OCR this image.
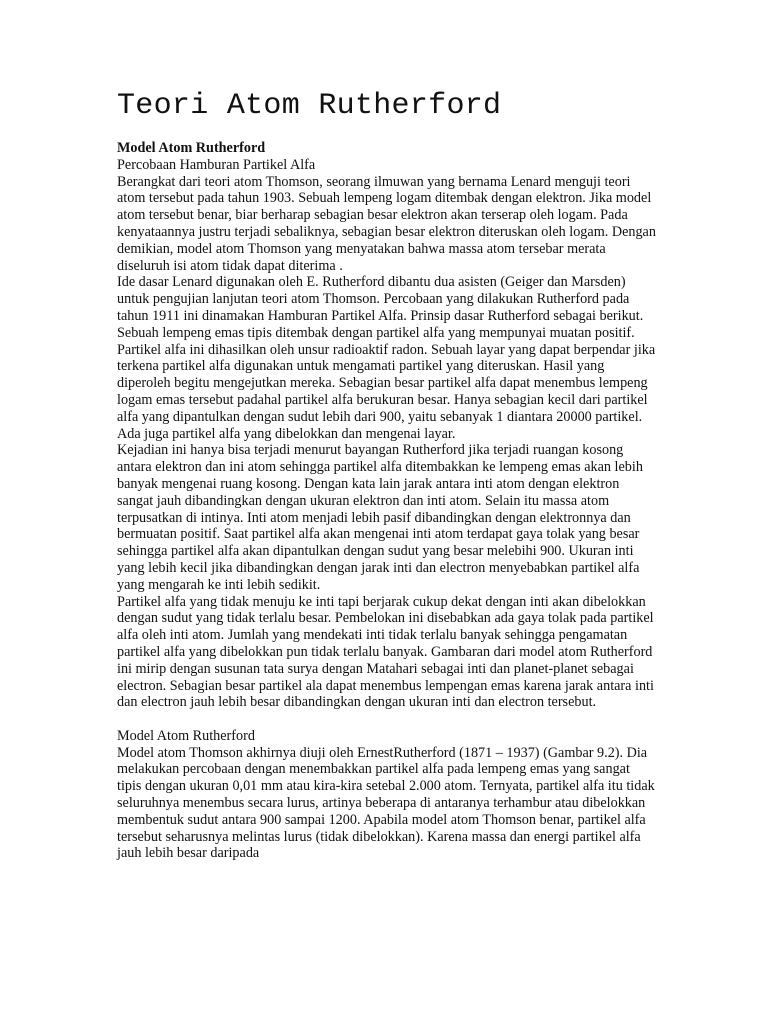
Teori Atom Rutherford

Model Atom Rutherford

Percobaan Hamburan Partikel Alfa

Berangkat dari teori atom Thomson, seorang ilmuwan yang bernama Lenard menguji teori atom tersebut pada tahun 1903. Sebuah lempeng logam ditembak dengan elektron. Jika model atom tersebut benar, biar berharap sebagian besar elektron akan terserap oleh logam. Pada kenyataannya justru terjadi sebaliknya, sebagian besar elektron diteruskan oleh logam. Dengan demikian, model atom Thomson yang menyatakan bahwa massa atom tersebar merata diseluruh isi atom tidak dapat diterima .

Ide dasar Lenard digunakan oleh E. Rutherford dibantu dua asisten (Geiger dan Marsden) untuk pengujian lanjutan teori atom Thomson. Percobaan yang dilakukan Rutherford pada tahun 1911 ini dinamakan Hamburan Partikel Alfa. Prinsip dasar Rutherford sebagai berikut. Sebuah lempeng emas tipis ditembak dengan partikel alfa yang mempunyai muatan positif. Partikel alfa ini dihasilkan oleh unsur radioaktif radon. Sebuah layar yang dapat berpendar jika terkena partikel alfa digunakan untuk mengamati partikel yang diteruskan. Hasil yang diperoleh begitu mengejutkan mereka. Sebagian besar partikel alfa dapat menembus lempeng logam emas tersebut padahal partikel alfa berukuran besar. Hanya sebagian kecil dari partikel alfa yang dipantulkan dengan sudut lebih dari 900, yaitu sebanyak 1 diantara 20000 partikel. Ada juga partikel alfa yang dibelokkan dan mengenai layar.

Kejadian ini hanya bisa terjadi menurut bayangan Rutherford jika terjadi ruangan kosong antara elektron dan ini atom sehingga partikel alfa ditembakkan ke lempeng emas akan lebih banyak mengenai ruang kosong. Dengan kata lain jarak antara inti atom dengan elektron sangat jauh dibandingkan dengan ukuran elektron dan inti atom. Selain itu massa atom terpusatkan di intinya. Inti atom menjadi lebih pasif dibandingkan dengan elektronnya dan bermuatan positif. Saat partikel alfa akan mengenai inti atom terdapat gaya tolak yang besar sehingga partikel alfa akan dipantulkan dengan sudut yang besar melebihi 900. Ukuran inti yang lebih kecil jika dibandingkan dengan jarak inti dan electron menyebabkan partikel alfa yang mengarah ke inti lebih sedikit.

Partikel alfa yang tidak menuju ke inti tapi berjarak cukup dekat dengan inti akan dibelokkan dengan sudut yang tidak terlalu besar. Pembelokan ini disebabkan ada gaya tolak pada partikel alfa oleh inti atom. Jumlah yang mendekati inti tidak terlalu banyak sehingga pengamatan partikel alfa yang dibelokkan pun tidak terlalu banyak. Gambaran dari model atom Rutherford ini mirip dengan susunan tata surya dengan Matahari sebagai inti dan planet-planet sebagai electron. Sebagian besar partikel ala dapat menembus lempengan emas karena jarak antara inti dan electron jauh lebih besar dibandingkan dengan ukuran inti dan electron tersebut.

Model Atom Rutherford

Model atom Thomson akhirnya diuji oleh ErnestRutherford (1871 – 1937) (Gambar 9.2). Dia melakukan percobaan dengan menembakkan partikel alfa pada lempeng emas yang sangat tipis dengan ukuran 0,01 mm atau kira-kira setebal 2.000 atom. Ternyata, partikel alfa itu tidak seluruhnya menembus secara lurus, artinya beberapa di antaranya terhambur atau dibelokkan membentuk sudut antara 900 sampai 1200. Apabila model atom Thomson benar, partikel alfa tersebut seharusnya melintas lurus (tidak dibelokkan). Karena massa dan energi partikel alfa jauh lebih besar daripada
